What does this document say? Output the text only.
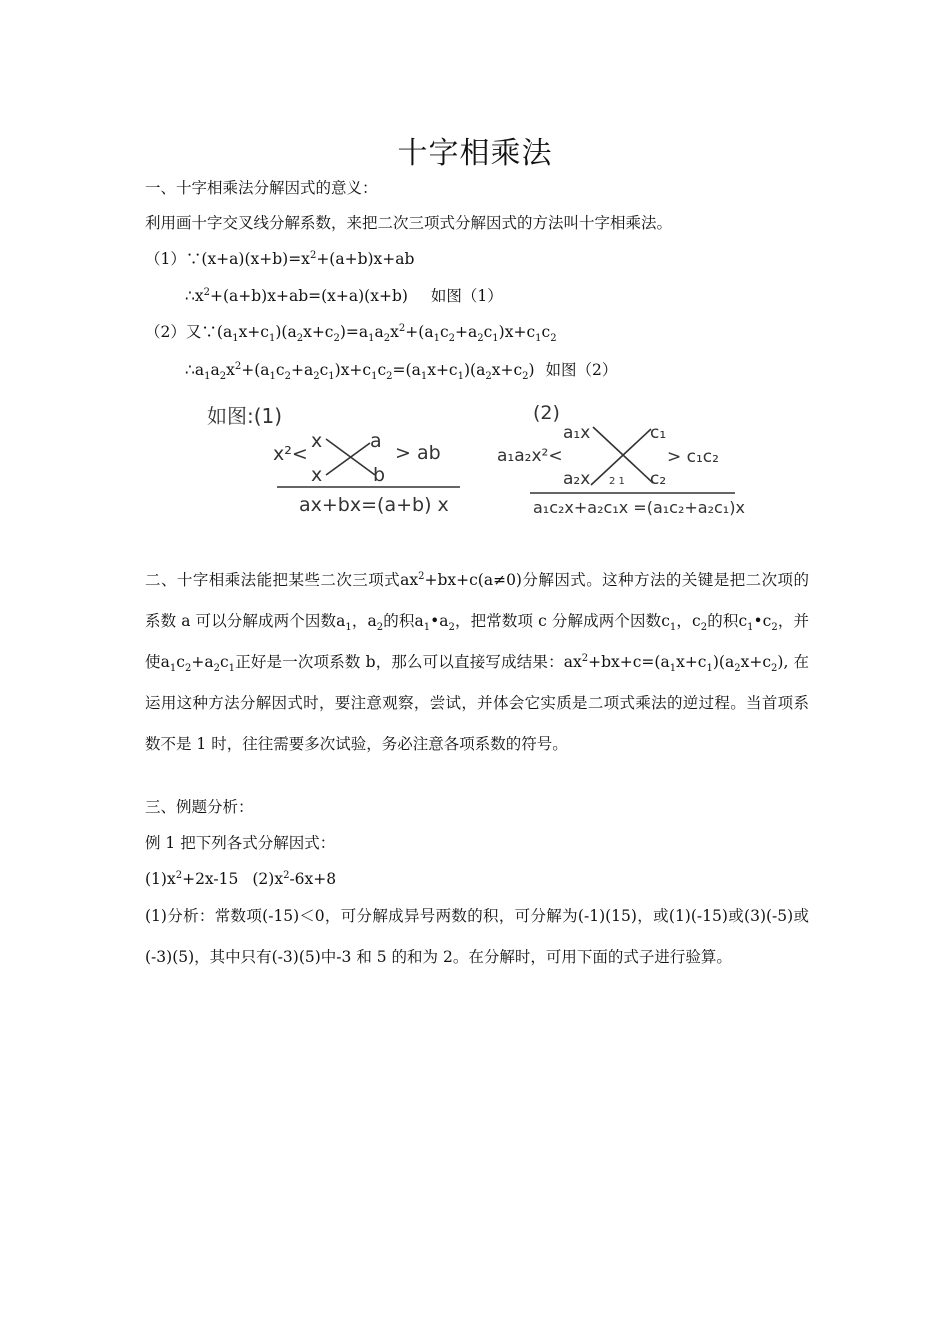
十字相乘法
一、十字相乘法分解因式的意义：
利用画十字交叉线分解系数，来把二次三项式分解因式的方法叫十字相乘法。
$(1)\because(x+a)(x+b)=x^2+(a+b)x+ab$
$\therefore x^2+(a+b)x+ab=(x+a)(x+b)$ 如图（1）
（2）又$\because(a_1x+c_1)(a_2x+c_2)=a_1a_2x^2+(a_1c_2+a_2c_1)x+c_1c_2$
$\therefore a_1a_2x^2+(a_1c_2+a_2c_1)x+c_1c_2=(a_1x+c_1)(a_2x+c_2)$ 如图（2）
如图:(1)
x²<
x
x
a
b
> ab
ax+bx=(a+b) x
(2)
a₁a₂x²<
a₁x
a₂x
c₁
c₂
2 1
> c₁c₂
a₁c₂x+a₂c₁x =(a₁c₂+a₂c₁)x
二、十字相乘法能把某些二次三项式$ax^2+bx+c(a\ne 0)$分解因式。这种方法的关键是把二次项的系数 a 可以分解成两个因数$a_1$，$a_2$的积$a_1•a_2$，把常数项 c 分解成两个因数$c_1$，$c_2$的积$c_1•c_2$，并使$a_1c_2+a_2c_1$正好是一次项系数 b，那么可以直接写成结果：$ax^2+bx+c=(a_1x+c_1)(a_2x+c_2)$, 在运用这种方法分解因式时，要注意观察，尝试，并体会它实质是二项式乘法的逆过程。当首项系数不是 1 时，往往需要多次试验，务必注意各项系数的符号。
三、例题分析：
例 1 把下列各式分解因式：
$(1)x^2+2x-15$ $(2)x^2-6x+8$
(1)分析：常数项(-15)＜0，可分解成异号两数的积，可分解为(-1)(15)，或(1)(-15)或(3)(-5)或(-3)(5)，其中只有(-3)(5)中-3 和 5 的和为 2。在分解时，可用下面的式子进行验算。
